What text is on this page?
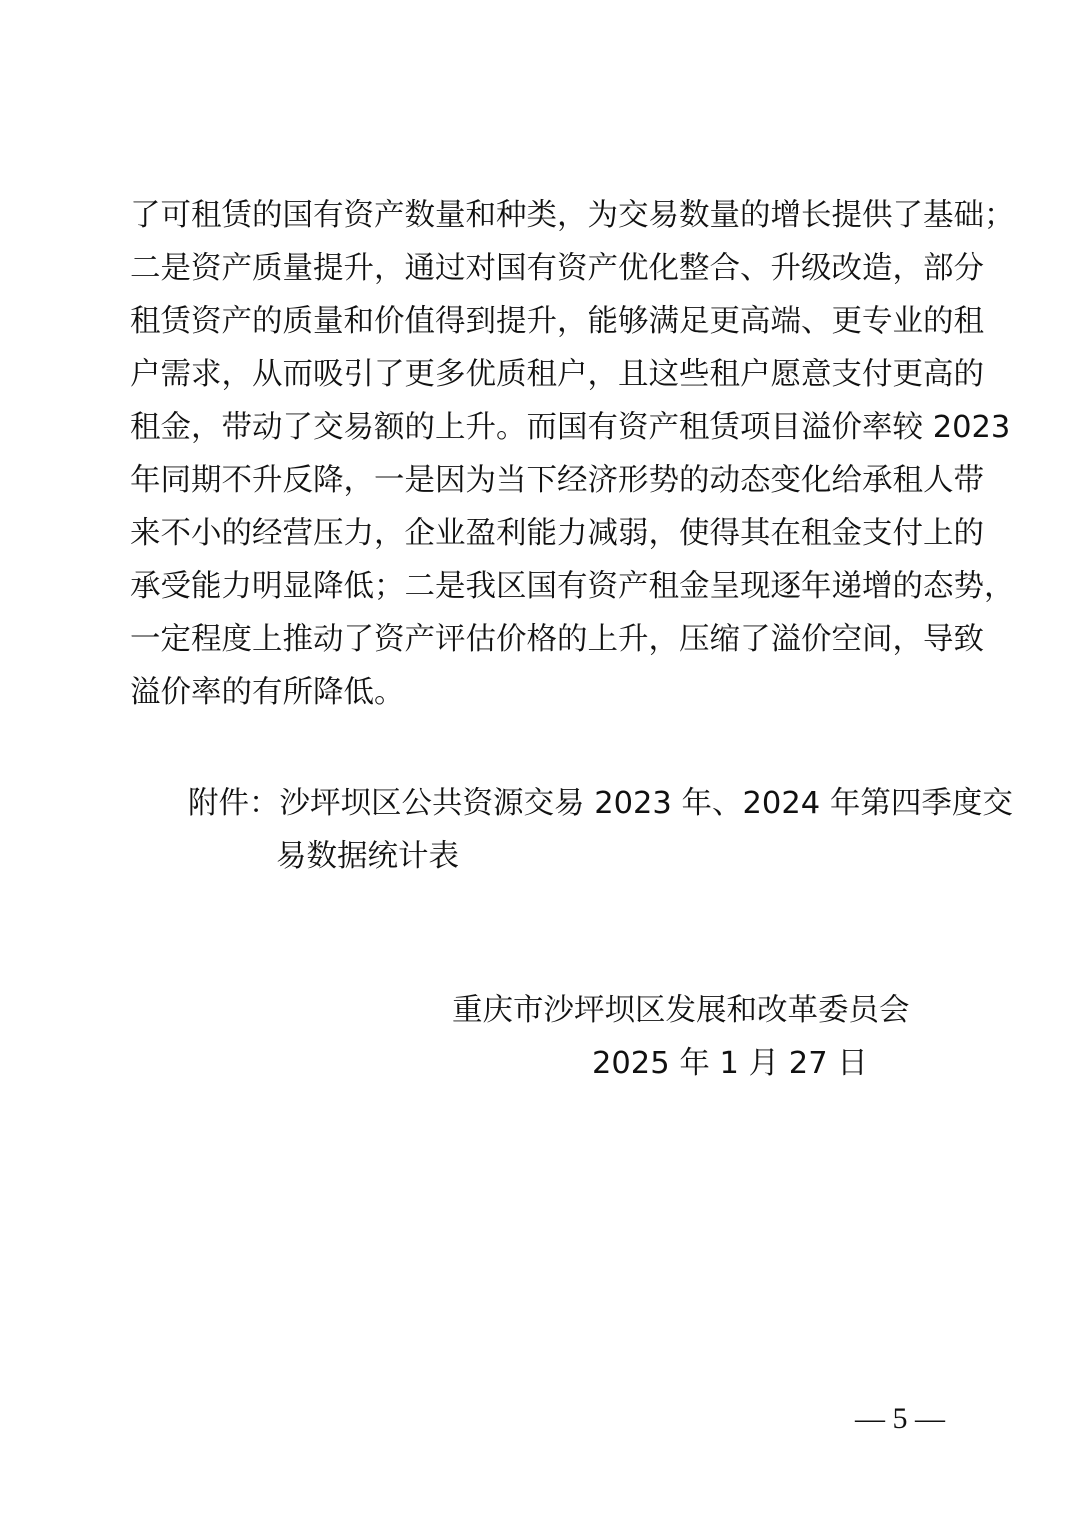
了可租赁的国有资产数量和种类，为交易数量的增长提供了基础；
二是资产质量提升，通过对国有资产优化整合、升级改造，部分
租赁资产的质量和价值得到提升，能够满足更高端、更专业的租
户需求，从而吸引了更多优质租户，且这些租户愿意支付更高的
租金，带动了交易额的上升。而国有资产租赁项目溢价率较 2023
年同期不升反降，一是因为当下经济形势的动态变化给承租人带
来不小的经营压力，企业盈利能力减弱，使得其在租金支付上的
承受能力明显降低；二是我区国有资产租金呈现逐年递增的态势，
一定程度上推动了资产评估价格的上升，压缩了溢价空间，导致
溢价率的有所降低。
附件：沙坪坝区公共资源交易 2023 年、2024 年第四季度交
易数据统计表
重庆市沙坪坝区发展和改革委员会
2025 年 1 月 27 日
— 5 —
